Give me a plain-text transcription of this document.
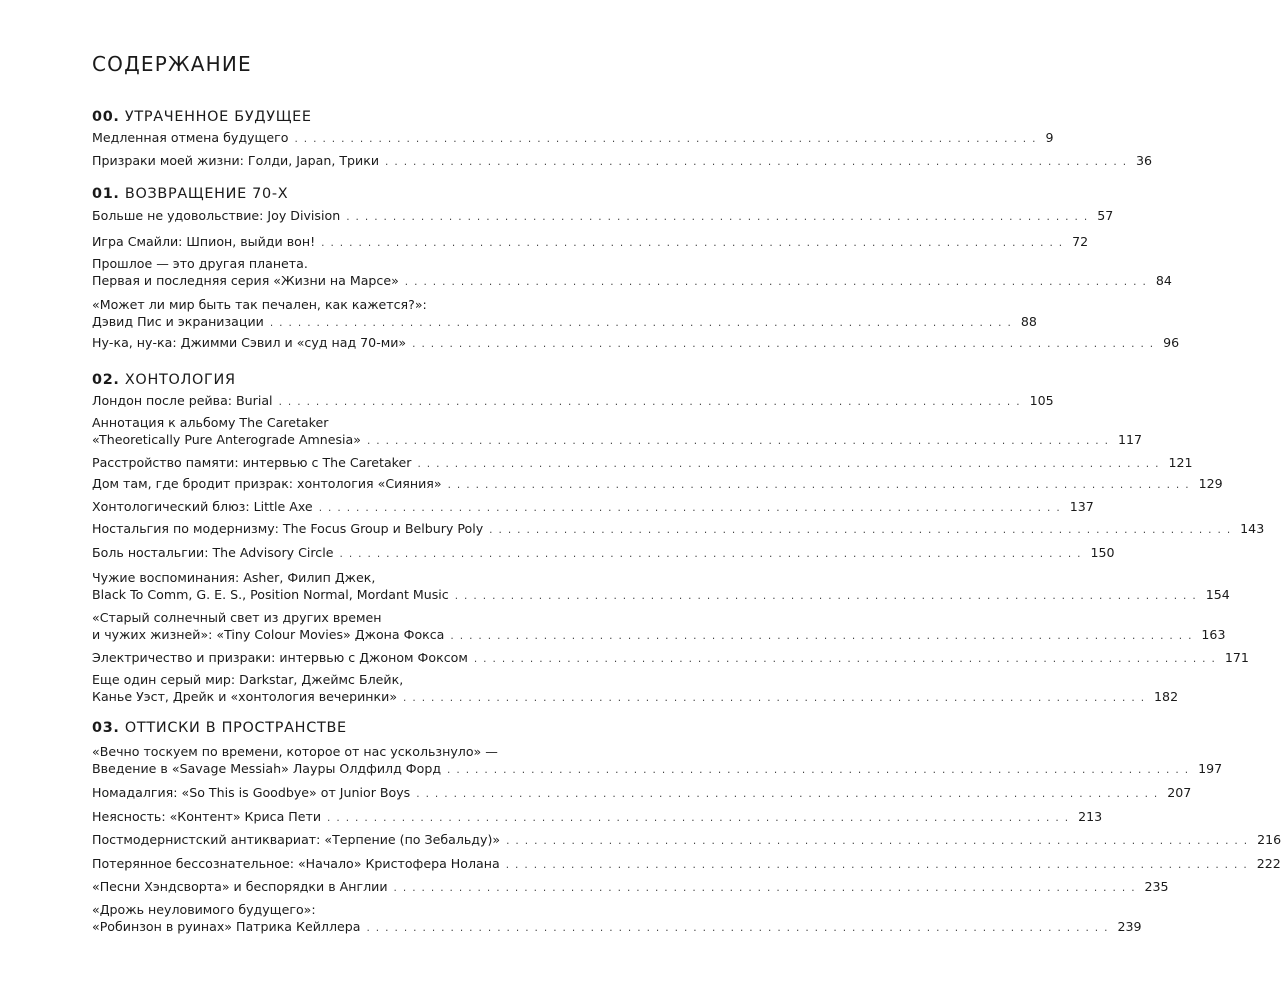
СОДЕРЖАНИЕ
00. УТРАЧЕННОЕ БУДУЩЕЕ
Медленная отмена будущего ................................................................................ 9
Призраки моей жизни: Голди, Japan, Трики ................................................................................ 36
01. ВОЗВРАЩЕНИЕ 70-Х
Больше не удовольствие: Joy Division ................................................................................ 57
Игра Смайли: Шпион, выйди вон! ................................................................................ 72
Прошлое — это другая планета.
Первая и последняя серия «Жизни на Марсе» ................................................................................ 84
«Может ли мир быть так печален, как кажется?»:
Дэвид Пис и экранизации ................................................................................ 88
Ну-ка, ну-ка: Джимми Сэвил и «суд над 70-ми» ................................................................................ 96
02. ХОНТОЛОГИЯ
Лондон после рейва: Burial ................................................................................ 105
Аннотация к альбому The Caretaker
«Theoretically Pure Anterograde Amnesia» ................................................................................ 117
Расстройство памяти: интервью с The Caretaker ................................................................................ 121
Дом там, где бродит призрак: хонтология «Сияния» ................................................................................ 129
Хонтологический блюз: Little Axe ................................................................................ 137
Ностальгия по модернизму: The Focus Group и Belbury Poly ................................................................................ 143
Боль ностальгии: The Advisory Circle ................................................................................ 150
Чужие воспоминания: Asher, Филип Джек,
Black To Comm, G. E. S., Position Normal, Mordant Music ................................................................................ 154
«Старый солнечный свет из других времен
и чужих жизней»: «Tiny Colour Movies» Джона Фокса ................................................................................ 163
Электричество и призраки: интервью с Джоном Фоксом ................................................................................ 171
Еще один серый мир: Darkstar, Джеймс Блейк,
Канье Уэст, Дрейк и «хонтология вечеринки» ................................................................................ 182
03. ОТТИСКИ В ПРОСТРАНСТВЕ
«Вечно тоскуем по времени, которое от нас ускользнуло» —
Введение в «Savage Messiah» Лауры Олдфилд Форд ................................................................................ 197
Номадалгия: «So This is Goodbye» от Junior Boys ................................................................................ 207
Неясность: «Контент» Криса Пети ................................................................................ 213
Постмодернистский антиквариат: «Терпение (по Зебальду)» ................................................................................ 216
Потерянное бессознательное: «Начало» Кристофера Нолана ................................................................................ 222
«Песни Хэндсворта» и беспорядки в Англии ................................................................................ 235
«Дрожь неуловимого будущего»:
«Робинзон в руинах» Патрика Кейллера ................................................................................ 239
